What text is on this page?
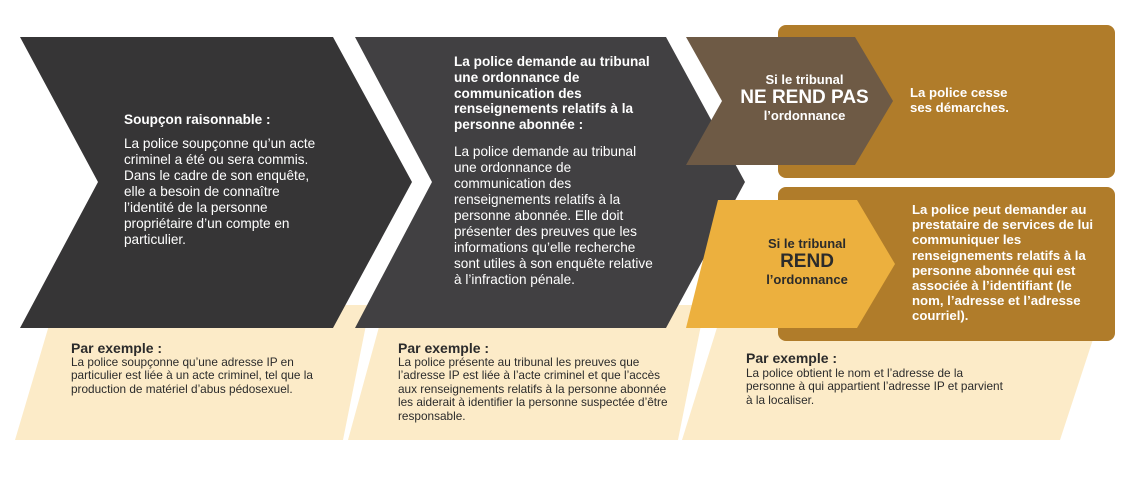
Soupçon raisonnable :
La police soupçonne qu’un acte criminel a été ou sera commis. Dans le cadre de son enquête, elle a besoin de connaître l’identité de la personne propriétaire d’un compte en particulier.
La police demande au tribunal une ordonnance de communication des renseignements relatifs à la personne abonnée :
La police demande au tribunal une ordonnance de communication des renseignements relatifs à la personne abonnée. Elle doit présenter des preuves que les informations qu’elle recherche sont utiles à son enquête relative à l’infraction pénale.
Si le tribunal
NE REND PAS
l’ordonnance
La police cesse ses démarches.
Si le tribunal
REND
l’ordonnance
La police peut demander au prestataire de services de lui communiquer les renseignements relatifs à la personne abonnée qui est associée à l’identifiant (le nom, l’adresse et l’adresse courriel).
Par exemple :
La police soupçonne qu’une adresse IP en particulier est liée à un acte criminel, tel que la production de matériel d’abus pédosexuel.
Par exemple :
La police présente au tribunal les preuves que l’adresse IP est liée à l’acte criminel et que l’accès aux renseignements relatifs à la personne abonnée les aiderait à identifier la personne suspectée d’être responsable.
Par exemple :
La police obtient le nom et l’adresse de la personne à qui appartient l’adresse IP et parvient à la localiser.
